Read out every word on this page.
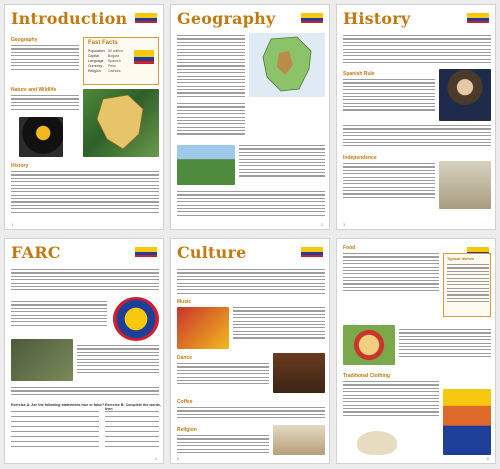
Introduction
Geography	Fast Facts
Population
Capital
Language
Currency
Religion
50 million
Bogota
Spanish
Peso
Catholic
Nature and Wildlife
History
1
Geography
2
History
Spanish Rule
Independence
3
FARC
Exercise A: Are the following statements true or false? Exercise B: Complete the words, then
4
Culture
Music
Dance
Coffee
Religion
5
Food
Typical dishes
Traditional Clothing
6
